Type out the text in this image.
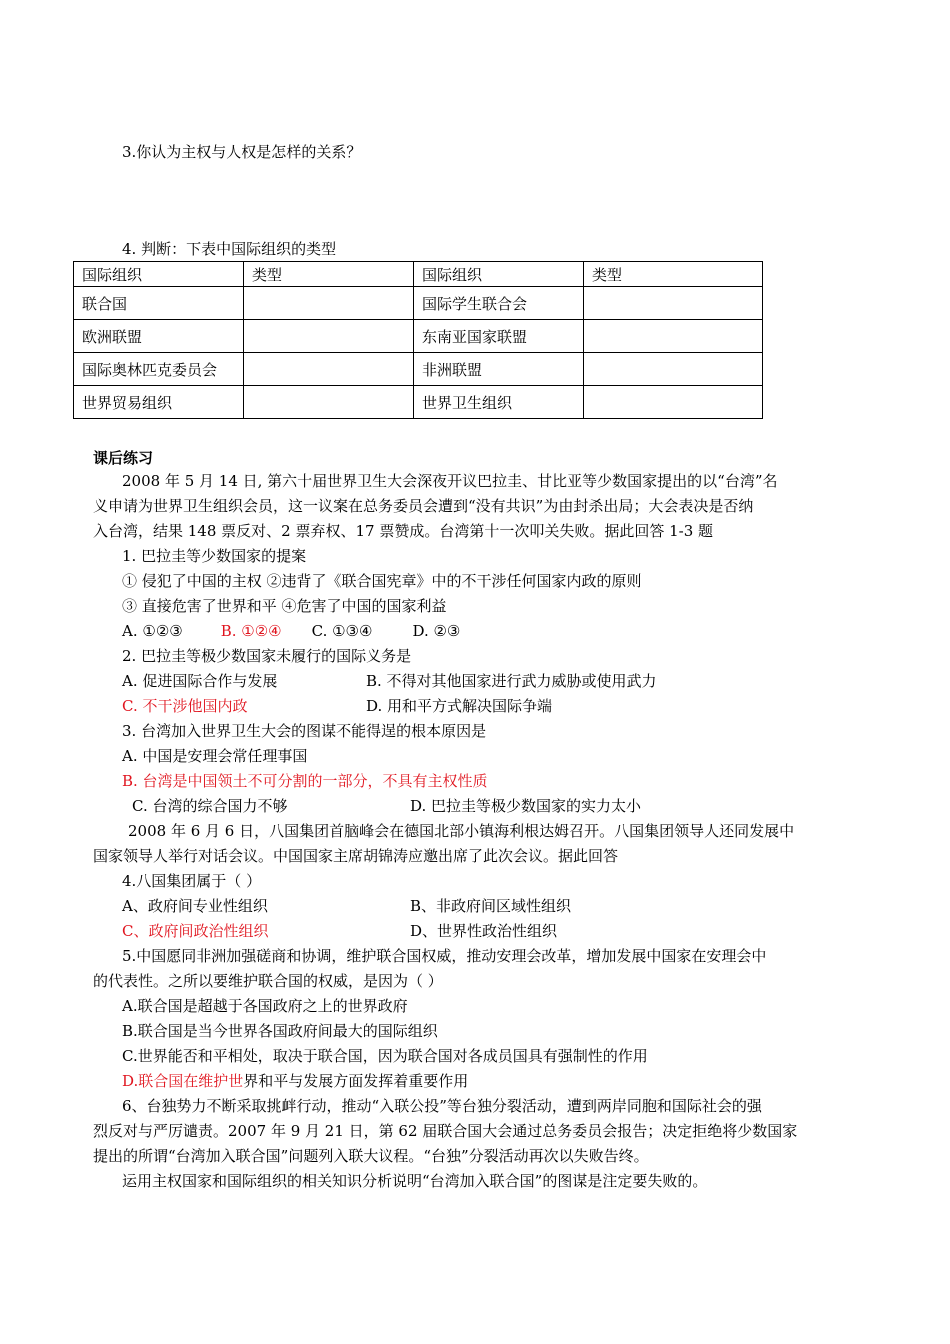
3.你认为主权与人权是怎样的关系？
4. 判断：下表中国际组织的类型
国际组织	类型	国际组织	类型
联合国		国际学生联合会	
欧洲联盟		东南亚国家联盟	
国际奥林匹克委员会		非洲联盟	
世界贸易组织		世界卫生组织	
课后练习
2008 年 5 月 14 日, 第六十届世界卫生大会深夜开议巴拉圭、甘比亚等少数国家提出的以“台湾”名
义申请为世界卫生组织会员，这一议案在总务委员会遭到“没有共识”为由封杀出局；大会表决是否纳
入台湾，结果 148 票反对、2 票弃权、17 票赞成。台湾第十一次叩关失败。据此回答 1-3 题
1. 巴拉圭等少数国家的提案
① 侵犯了中国的主权 ②违背了《联合国宪章》中的不干涉任何国家内政的原则
③ 直接危害了世界和平 ④危害了中国的国家利益
A. ①②③	B. ①②④ C. ①③④	D. ②③
2. 巴拉圭等极少数国家未履行的国际义务是
A. 促进国际合作与发展	B. 不得对其他国家进行武力威胁或使用武力
C. 不干涉他国内政	D. 用和平方式解决国际争端
3. 台湾加入世界卫生大会的图谋不能得逞的根本原因是
A. 中国是安理会常任理事国
B. 台湾是中国领土不可分割的一部分，不具有主权性质
C. 台湾的综合国力不够	D. 巴拉圭等极少数国家的实力太小
2008 年 6 月 6 日，八国集团首脑峰会在德国北部小镇海利根达姆召开。八国集团领导人还同发展中
国家领导人举行对话会议。中国国家主席胡锦涛应邀出席了此次会议。据此回答
4.八国集团属于（ ）
A、政府间专业性组织	B、非政府间区域性组织
C、政府间政治性组织	D、世界性政治性组织
5.中国愿同非洲加强磋商和协调，维护联合国权威，推动安理会改革，增加发展中国家在安理会中
的代表性。之所以要维护联合国的权威，是因为（ ）
A.联合国是超越于各国政府之上的世界政府
B.联合国是当今世界各国政府间最大的国际组织
C.世界能否和平相处，取决于联合国，因为联合国对各成员国具有强制性的作用
D.联合国在维护世界和平与发展方面发挥着重要作用
6、台独势力不断采取挑衅行动，推动“入联公投”等台独分裂活动，遭到两岸同胞和国际社会的强
烈反对与严厉谴责。2007 年 9 月 21 日，第 62 届联合国大会通过总务委员会报告；决定拒绝将少数国家
提出的所谓“台湾加入联合国”问题列入联大议程。“台独”分裂活动再次以失败告终。
运用主权国家和国际组织的相关知识分析说明“台湾加入联合国”的图谋是注定要失败的。
